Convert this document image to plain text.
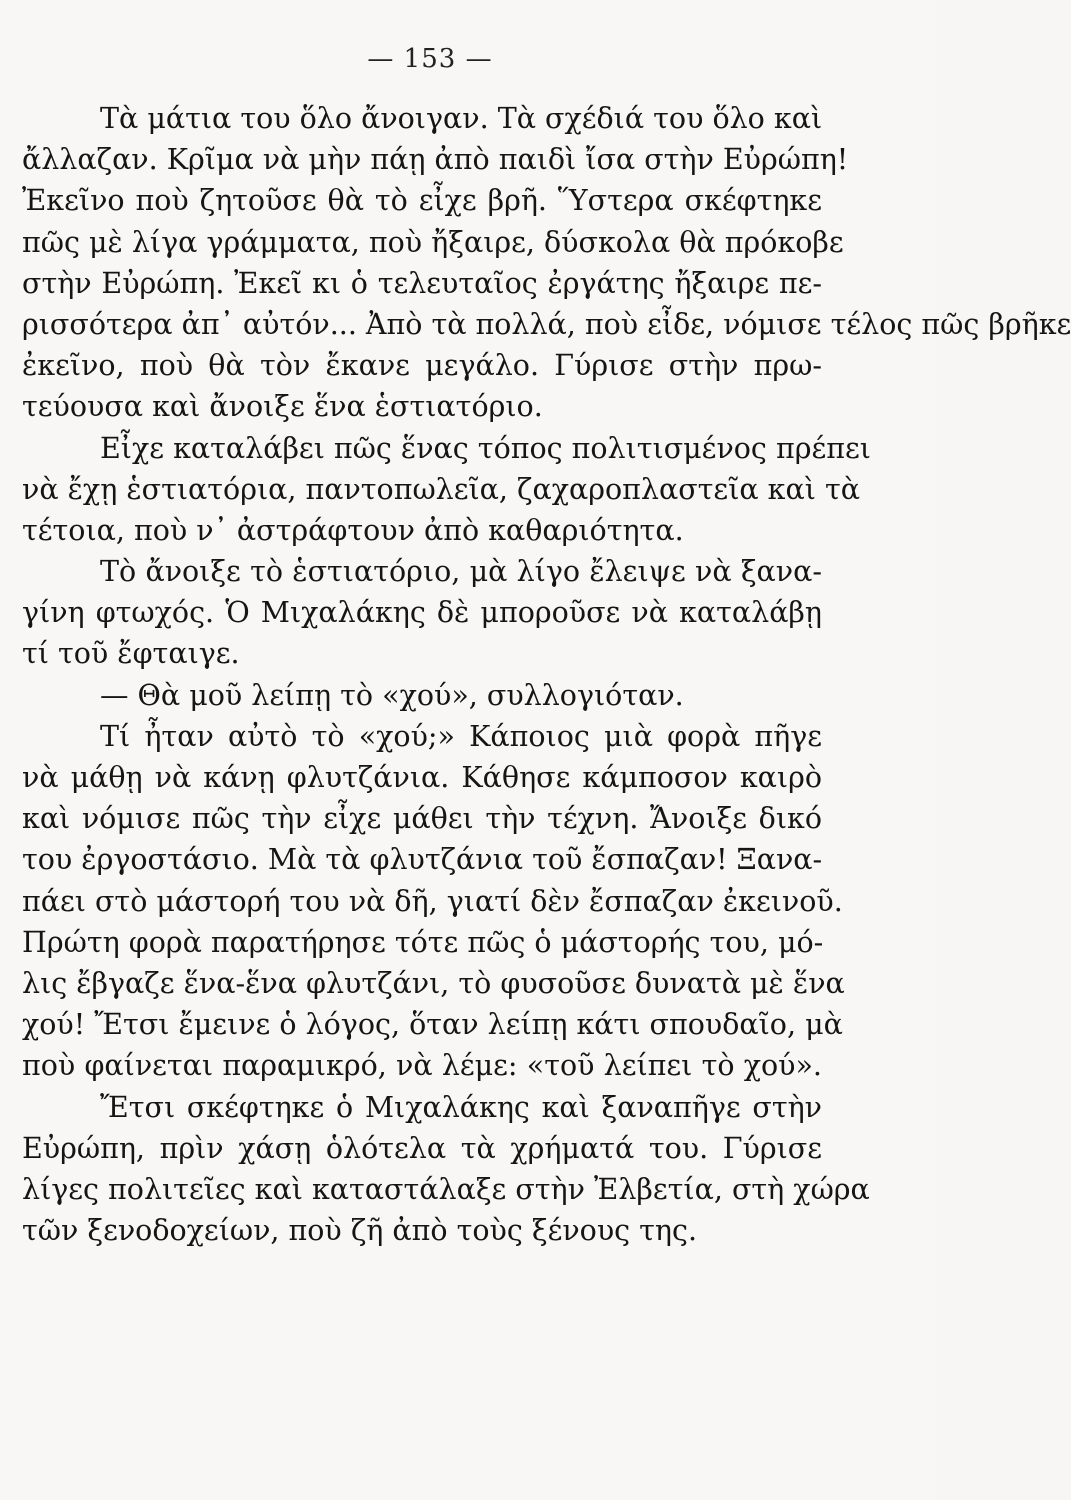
— 153 —
Τὰ μάτια του ὅλο ἄνοιγαν. Τὰ σχέδιά του ὅλο καὶ
ἄλλαζαν. Κρῖμα νὰ μὴν πάῃ ἀπὸ παιδὶ ἴσα στὴν Εὐρώπη!
Ἐκεῖνο ποὺ ζητοῦσε θὰ τὸ εἶχε βρῆ. Ὕστερα σκέφτηκε
πῶς μὲ λίγα γράμματα, ποὺ ἤξαιρε, δύσκολα θὰ πρόκοβε
στὴν Εὐρώπη. Ἐκεῖ κι ὁ τελευταῖος ἐργάτης ἤξαιρε πε-
ρισσότερα ἀπ᾿ αὐτόν... Ἀπὸ τὰ πολλά, ποὺ εἶδε, νόμισε τέλος πῶς βρῆκε
ἐκεῖνο, ποὺ θὰ τὸν ἔκανε μεγάλο. Γύρισε στὴν πρω-
τεύουσα καὶ ἄνοιξε ἕνα ἑστιατόριο.
Εἶχε καταλάβει πῶς ἕνας τόπος πολιτισμένος πρέπει
νὰ ἔχῃ ἑστιατόρια, παντοπωλεῖα, ζαχαροπλαστεῖα καὶ τὰ
τέτοια, ποὺ ν᾿ ἀστράφτουν ἀπὸ καθαριότητα.
Τὸ ἄνοιξε τὸ ἑστιατόριο, μὰ λίγο ἔλειψε νὰ ξανα-
γίνη φτωχός. Ὁ Μιχαλάκης δὲ μποροῦσε νὰ καταλάβῃ
τί τοῦ ἔφταιγε.
— Θὰ μοῦ λείπῃ τὸ «χού», συλλογιόταν.
Τί ἦταν αὐτὸ τὸ «χού;» Κάποιος μιὰ φορὰ πῆγε
νὰ μάθῃ νὰ κάνῃ φλυτζάνια. Κάθησε κάμποσον καιρὸ
καὶ νόμισε πῶς τὴν εἶχε μάθει τὴν τέχνη. Ἄνοιξε δικό
του ἐργοστάσιο. Μὰ τὰ φλυτζάνια τοῦ ἔσπαζαν! Ξανα-
πάει στὸ μάστορή του νὰ δῆ, γιατί δὲν ἔσπαζαν ἐκεινοῦ.
Πρώτη φορὰ παρατήρησε τότε πῶς ὁ μάστορής του, μό-
λις ἔβγαζε ἕνα-ἕνα φλυτζάνι, τὸ φυσοῦσε δυνατὰ μὲ ἕνα
χού! Ἔτσι ἔμεινε ὁ λόγος, ὅταν λείπῃ κάτι σπουδαῖο, μὰ
ποὺ φαίνεται παραμικρό, νὰ λέμε: «τοῦ λείπει τὸ χού».
Ἔτσι σκέφτηκε ὁ Μιχαλάκης καὶ ξαναπῆγε στὴν
Εὐρώπη, πρὶν χάσῃ ὁλότελα τὰ χρήματά του. Γύρισε
λίγες πολιτεῖες καὶ καταστάλαξε στὴν Ἐλβετία, στὴ χώρα
τῶν ξενοδοχείων, ποὺ ζῆ ἀπὸ τοὺς ξένους της.
